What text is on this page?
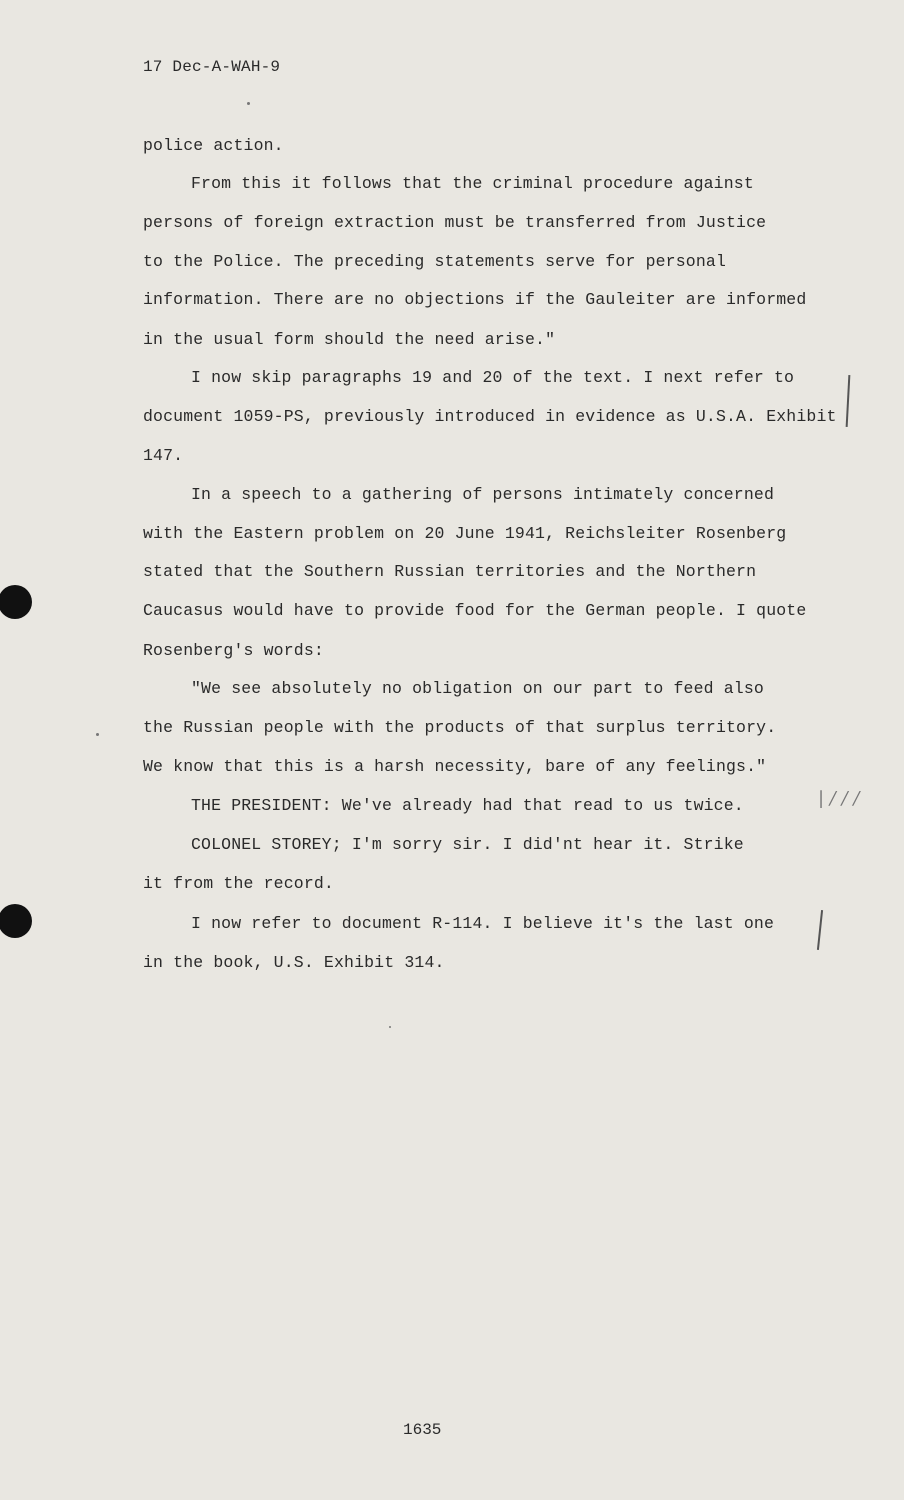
17 Dec-A-WAH-9
police action.
From this it follows that the criminal procedure against
persons of foreign extraction must be transferred from Justice
to the Police. The preceding statements serve for personal
information. There are no objections if the Gauleiter are informed
in the usual form should the need arise."
I now skip paragraphs 19 and 20 of the text. I next refer to
document 1059-PS, previously introduced in evidence as U.S.A. Exhibit
147.
In a speech to a gathering of persons intimately concerned
with the Eastern problem on 20 June 1941, Reichsleiter Rosenberg
stated that the Southern Russian territories and the Northern
Caucasus would have to provide food for the German people. I quote
Rosenberg's words:
"We see absolutely no obligation on our part to feed also
the Russian people with the products of that surplus territory.
We know that this is a harsh necessity, bare of any feelings."
THE PRESIDENT: We've already had that read to us twice.
COLONEL STOREY; I'm sorry sir. I did'nt hear it. Strike
it from the record.
I now refer to document R-114. I believe it's the last one
in the book, U.S. Exhibit 314.
1635
| / / /
